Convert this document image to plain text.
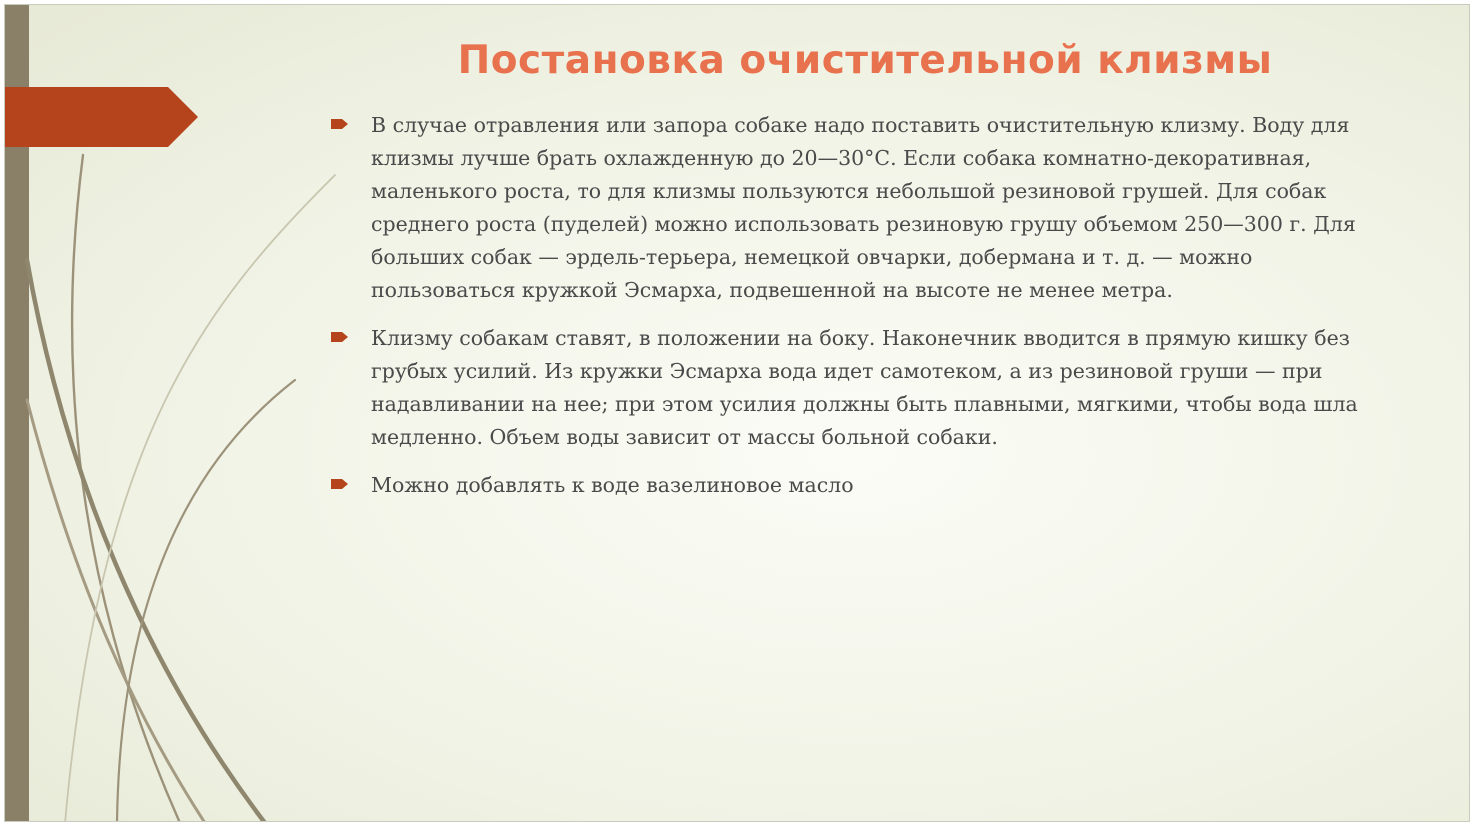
Постановка очистительной клизмы
В случае отравления или запора собаке надо поставить очистительную клизму. Воду для клизмы лучше брать охлажденную до 20—30°С. Если собака комнатно-декоративная, маленького роста, то для клизмы пользуются небольшой резиновой грушей. Для собак среднего роста (пуделей) можно использовать резиновую грушу объемом 250—300 г. Для больших собак — эрдель-терьера, немецкой овчарки, добермана и т. д. — можно пользоваться кружкой Эсмарха, подвешенной на высоте не менее метра.
Клизму собакам ставят, в положении на боку. Наконечник вводится в прямую кишку без грубых усилий. Из кружки Эсмарха вода идет самотеком, а из резиновой груши — при надавливании на нее; при этом усилия должны быть плавными, мягкими, чтобы вода шла медленно. Объем воды зависит от массы больной собаки.
Можно добавлять к воде вазелиновое масло
